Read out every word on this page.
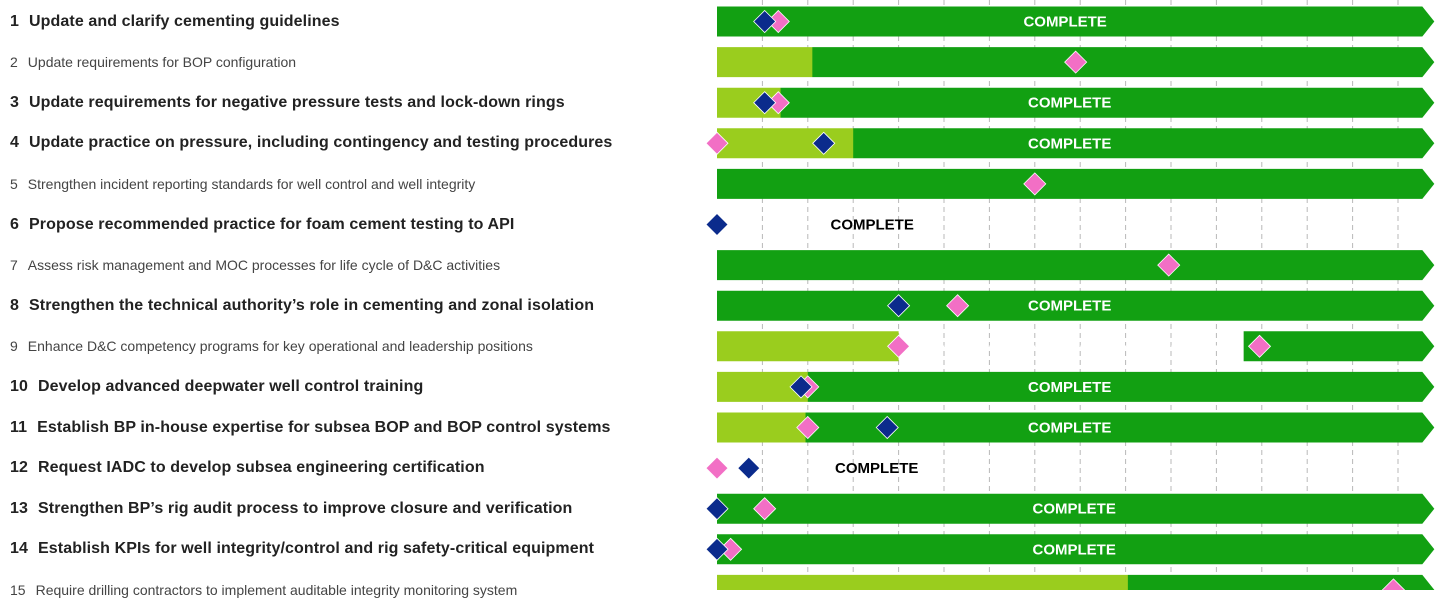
1 Update and clarify cementing guidelines
2 Update requirements for BOP configuration
3 Update requirements for negative pressure tests and lock-down rings
4 Update practice on pressure, including contingency and testing procedures
5 Strengthen incident reporting standards for well control and well integrity
6 Propose recommended practice for foam cement testing to API
7 Assess risk management and MOC processes for life cycle of D&C activities
8 Strengthen the technical authority’s role in cementing and zonal isolation
9 Enhance D&C competency programs for key operational and leadership positions
10 Develop advanced deepwater well control training
11 Establish BP in-house expertise for subsea BOP and BOP control systems
12 Request IADC to develop subsea engineering certification
13 Strengthen BP’s rig audit process to improve closure and verification
14 Establish KPIs for well integrity/control and rig safety-critical equipment
15 Require drilling contractors to implement auditable integrity monitoring system
COMPLETE
COMPLETE
COMPLETE
COMPLETE
COMPLETE
COMPLETE
COMPLETE
COMPLETE
COMPLETE
COMPLETE
